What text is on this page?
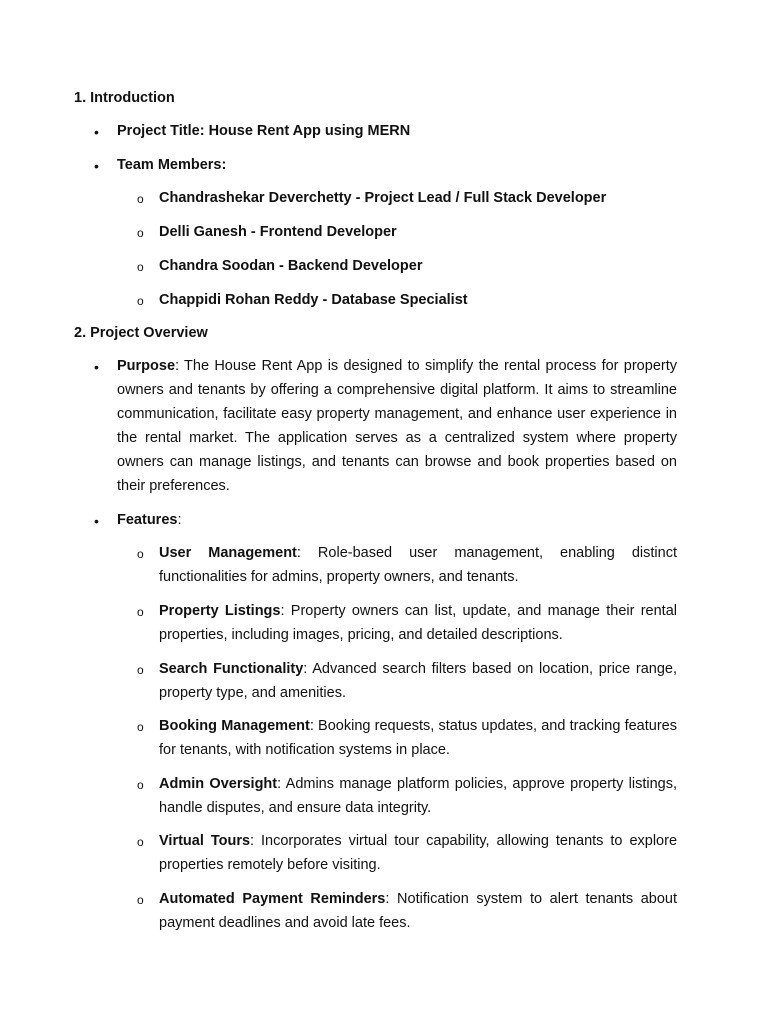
1. Introduction
• Project Title: House Rent App using MERN
• Team Members:
o Chandrashekar Deverchetty - Project Lead / Full Stack Developer
o Delli Ganesh - Frontend Developer
o Chandra Soodan - Backend Developer
o Chappidi Rohan Reddy - Database Specialist
2. Project Overview
• Purpose: The House Rent App is designed to simplify the rental process for property owners and tenants by offering a comprehensive digital platform. It aims to streamline communication, facilitate easy property management, and enhance user experience in the rental market. The application serves as a centralized system where property owners can manage listings, and tenants can browse and book properties based on their preferences.
• Features:
o User Management: Role-based user management, enabling distinct functionalities for admins, property owners, and tenants.
o Property Listings: Property owners can list, update, and manage their rental properties, including images, pricing, and detailed descriptions.
o Search Functionality: Advanced search filters based on location, price range, property type, and amenities.
o Booking Management: Booking requests, status updates, and tracking features for tenants, with notification systems in place.
o Admin Oversight: Admins manage platform policies, approve property listings, handle disputes, and ensure data integrity.
o Virtual Tours: Incorporates virtual tour capability, allowing tenants to explore properties remotely before visiting.
o Automated Payment Reminders: Notification system to alert tenants about payment deadlines and avoid late fees.
